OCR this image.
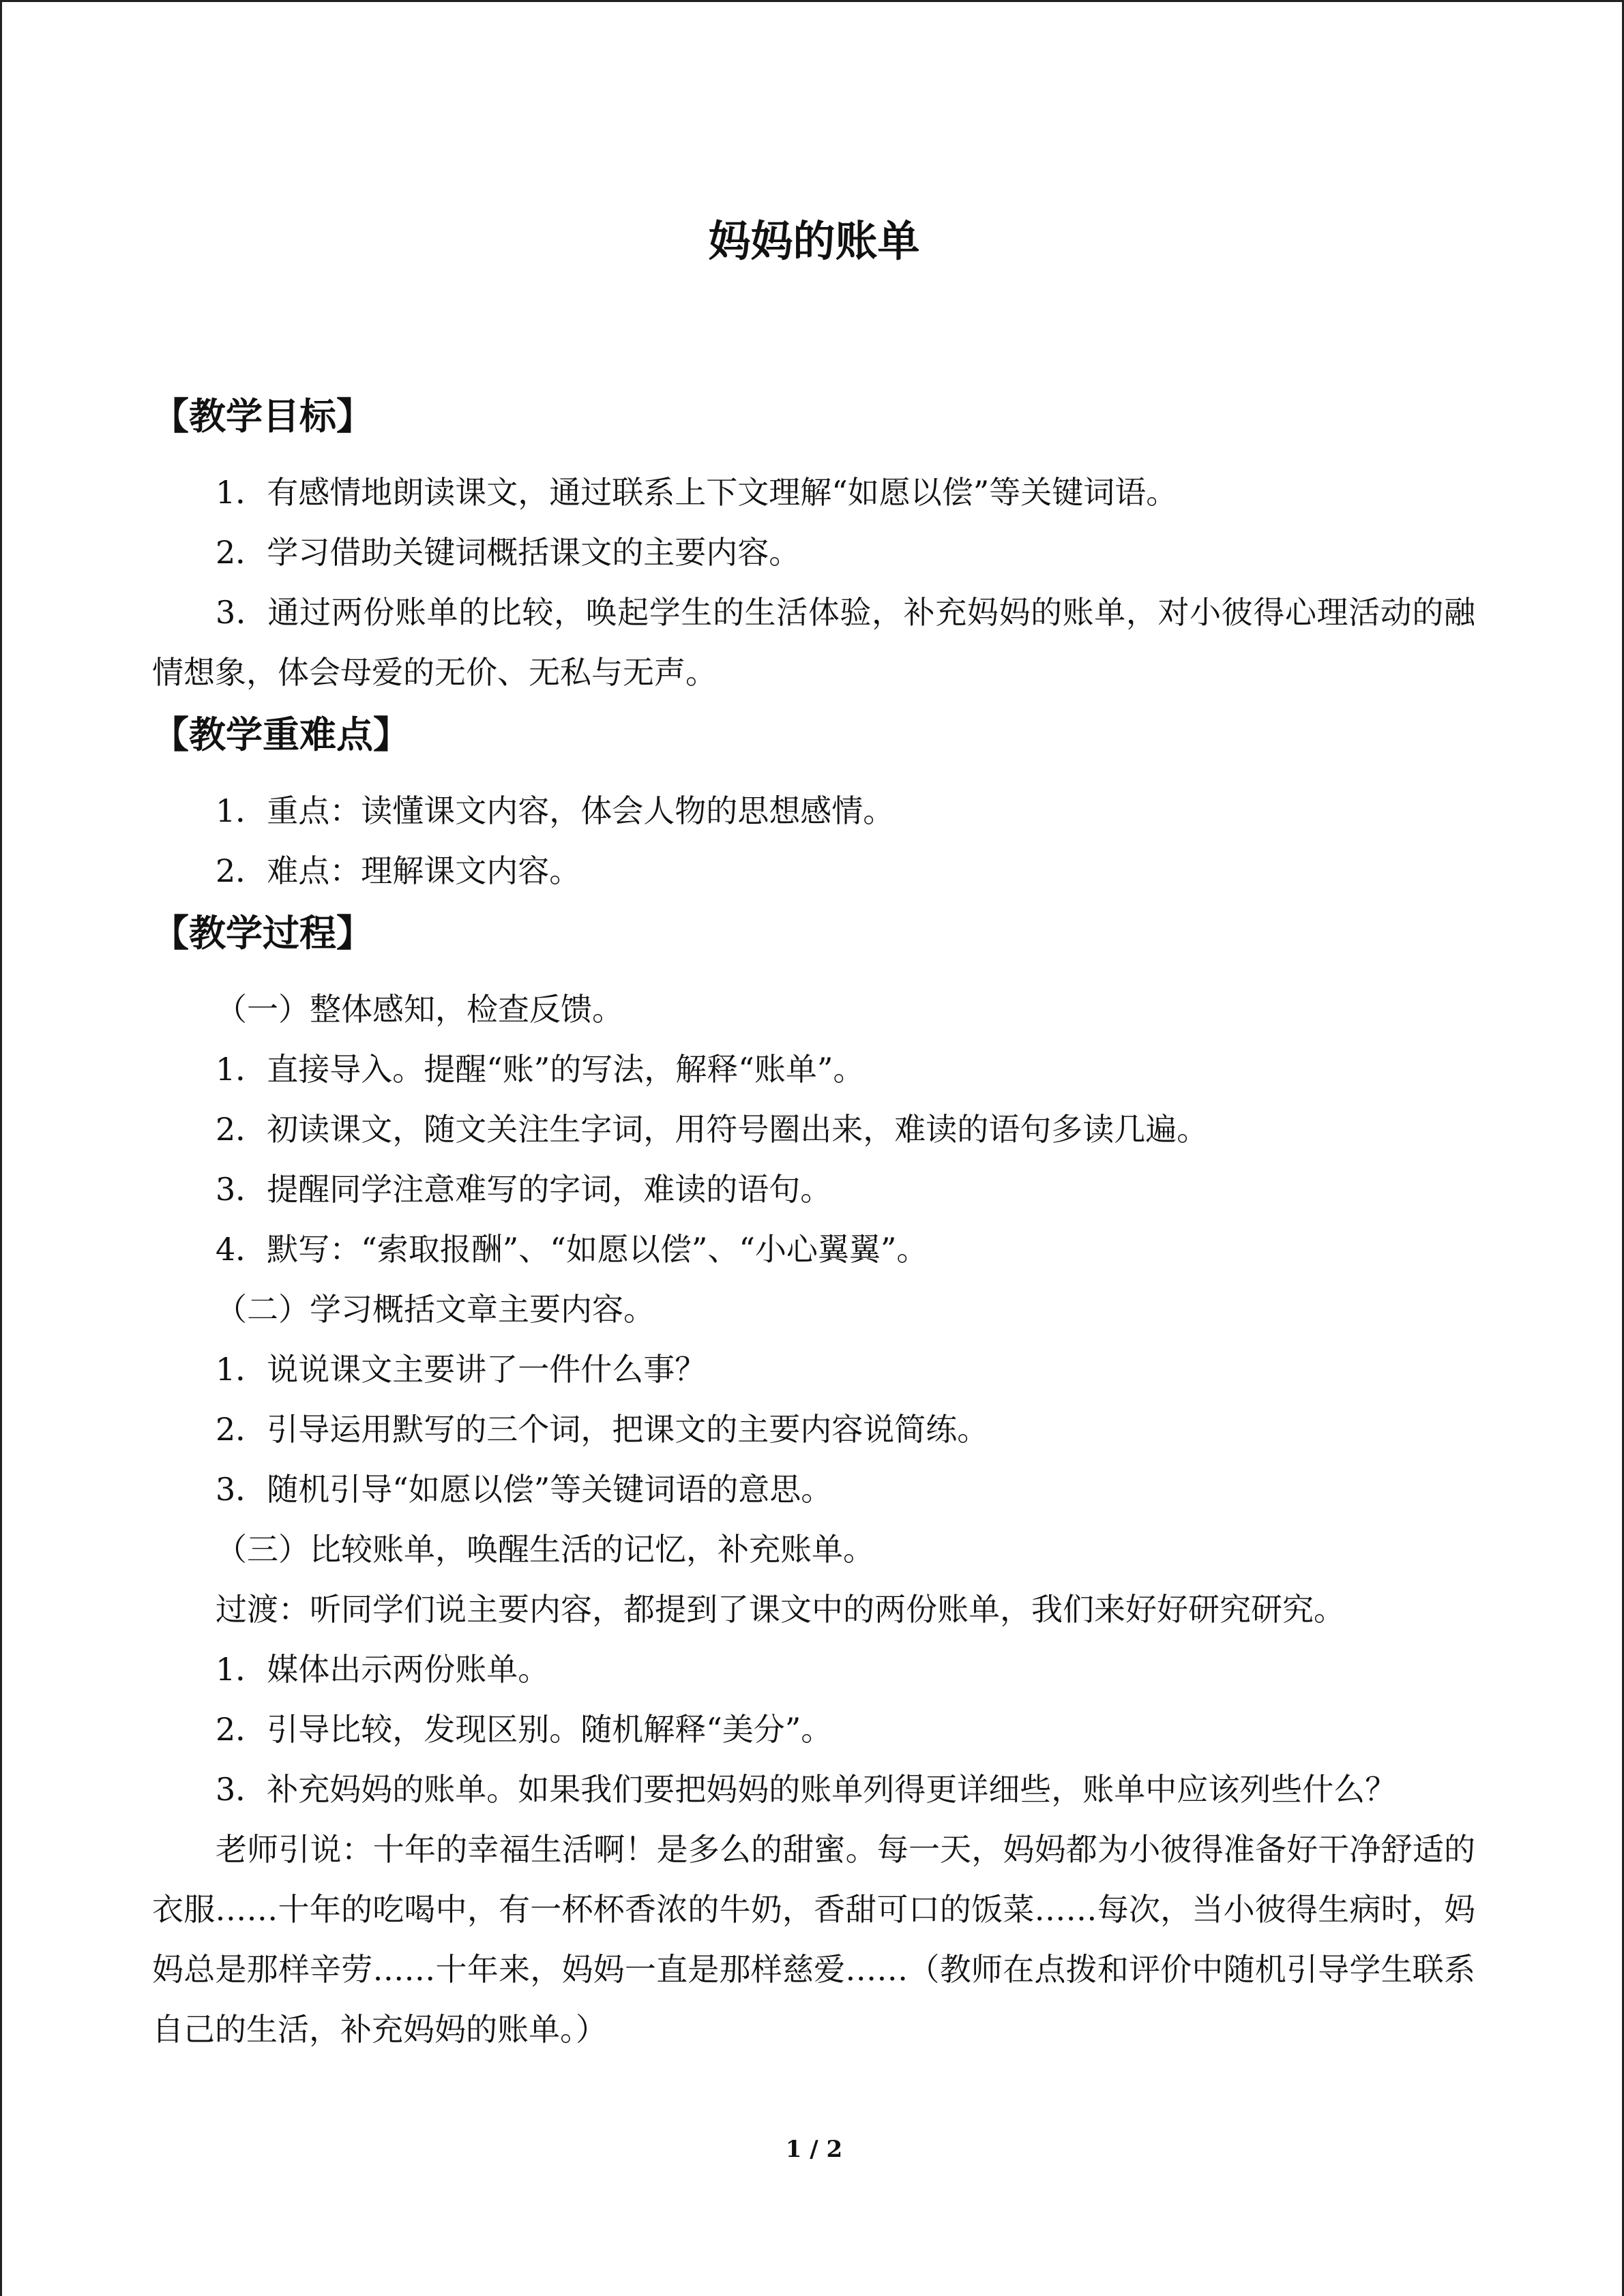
妈妈的账单
【教学目标】

1．有感情地朗读课文，通过联系上下文理解“如愿以偿”等关键词语。

2．学习借助关键词概括课文的主要内容。

3．通过两份账单的比较，唤起学生的生活体验，补充妈妈的账单，对小彼得心理活动的融情想象，体会母爱的无价、无私与无声。

【教学重难点】

1．重点：读懂课文内容，体会人物的思想感情。

2．难点：理解课文内容。

【教学过程】

（一）整体感知，检查反馈。

1．直接导入。提醒“账”的写法，解释“账单”。

2．初读课文，随文关注生字词，用符号圈出来，难读的语句多读几遍。

3．提醒同学注意难写的字词，难读的语句。

4．默写：“索取报酬”、“如愿以偿”、“小心翼翼”。

（二）学习概括文章主要内容。

1．说说课文主要讲了一件什么事？

2．引导运用默写的三个词，把课文的主要内容说简练。

3．随机引导“如愿以偿”等关键词语的意思。

（三）比较账单，唤醒生活的记忆，补充账单。

过渡：听同学们说主要内容，都提到了课文中的两份账单，我们来好好研究研究。

1．媒体出示两份账单。

2．引导比较，发现区别。随机解释“美分”。

3．补充妈妈的账单。如果我们要把妈妈的账单列得更详细些，账单中应该列些什么？

老师引说：十年的幸福生活啊！是多么的甜蜜。每一天，妈妈都为小彼得准备好干净舒适的衣服……十年的吃喝中，有一杯杯香浓的牛奶，香甜可口的饭菜……每次，当小彼得生病时，妈妈总是那样辛劳……十年来，妈妈一直是那样慈爱……（教师在点拨和评价中随机引导学生联系自己的生活，补充妈妈的账单。）

1 / 2
